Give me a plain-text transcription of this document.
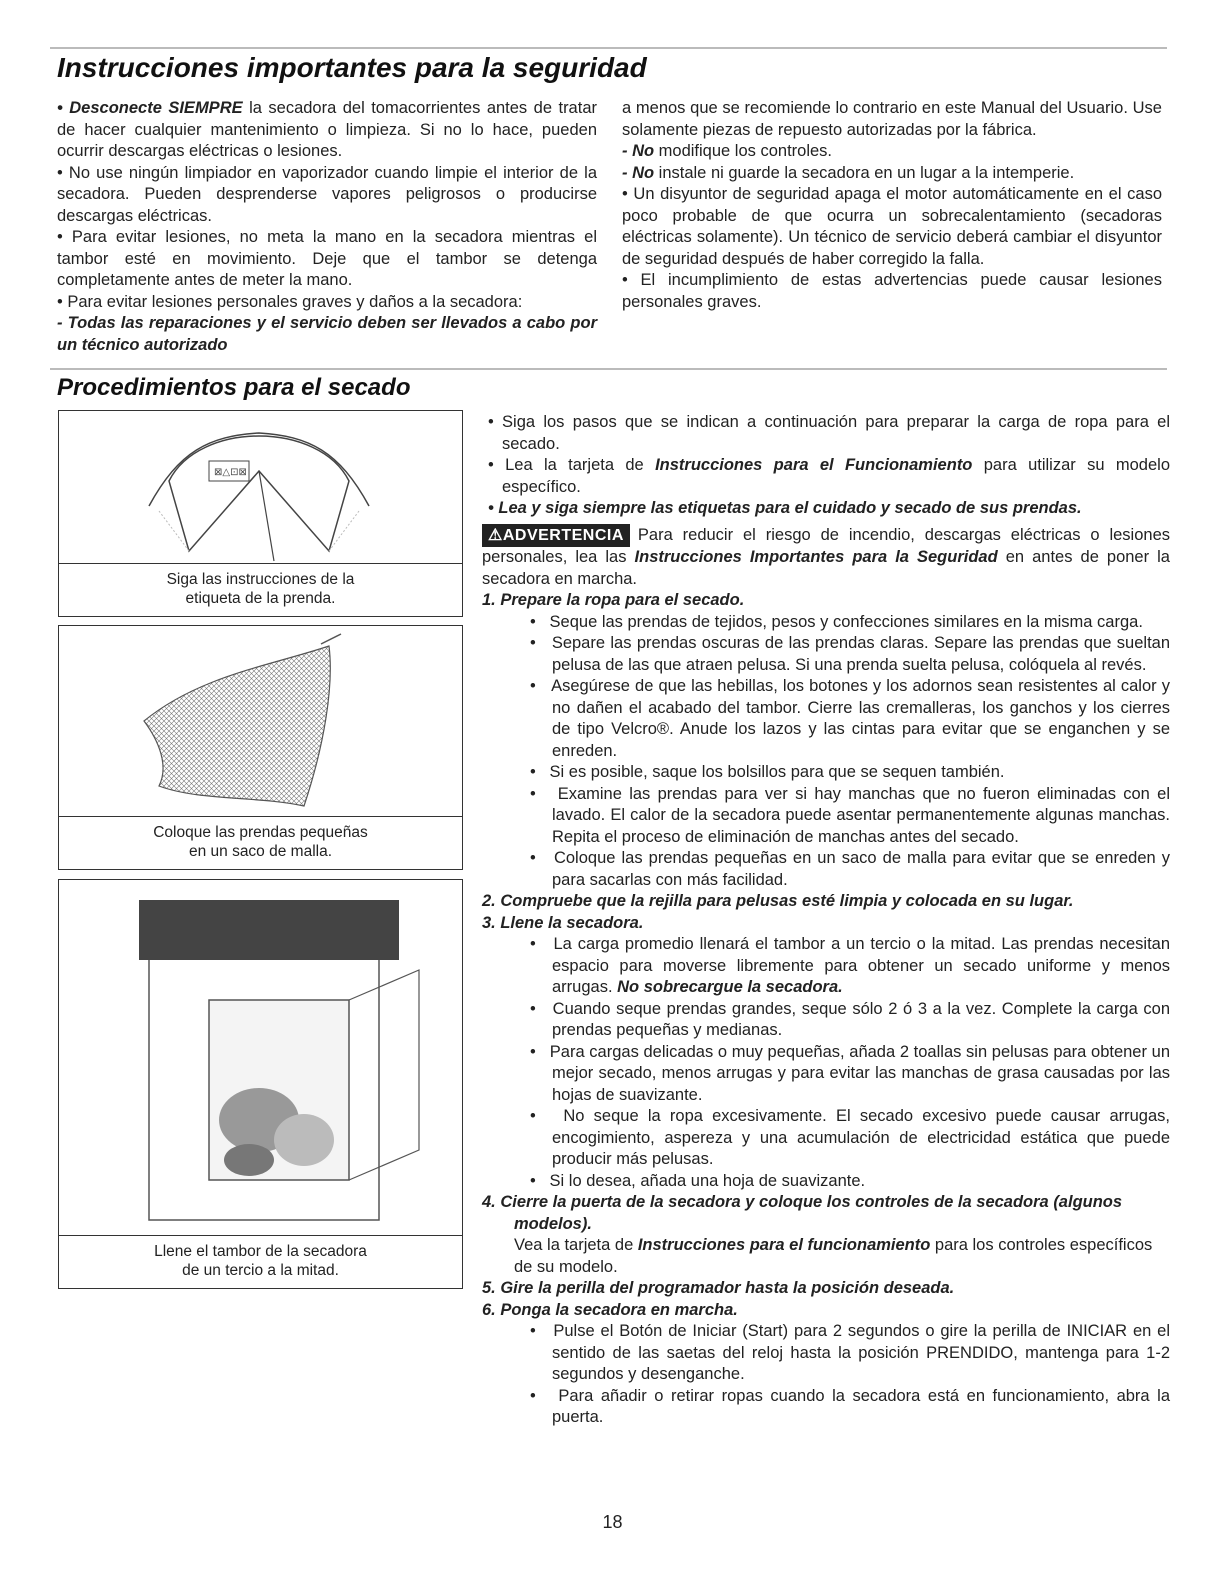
Instrucciones importantes para la seguridad

• Desconecte SIEMPRE la secadora del tomacorrientes antes de tratar de hacer cualquier mantenimiento o limpieza. Si no lo hace, pueden ocurrir descargas eléctricas o lesiones.

• No use ningún limpiador en vaporizador cuando limpie el interior de la secadora. Pueden desprenderse vapores peligrosos o producirse descargas eléctricas.

• Para evitar lesiones, no meta la mano en la secadora mientras el tambor esté en movimiento. Deje que el tambor se detenga completamente antes de meter la mano.

• Para evitar lesiones personales graves y daños a la secadora:

- Todas las reparaciones y el servicio deben ser llevados a cabo por un técnico autorizado

a menos que se recomiende lo contrario en este Manual del Usuario. Use solamente piezas de repuesto autorizadas por la fábrica.

- No modifique los controles.

- No instale ni guarde la secadora en un lugar a la intemperie.

• Un disyuntor de seguridad apaga el motor automáticamente en el caso poco probable de que ocurra un sobrecalentamiento (secadoras eléctricas solamente). Un técnico de servicio deberá cambiar el disyuntor de seguridad después de haber corregido la falla.

• El incumplimiento de estas advertencias puede causar lesiones personales graves.

Procedimientos para el secado
⊠△⊡⊠
Siga las instrucciones de la
etiqueta de la prenda.
Coloque las prendas pequeñas
en un saco de malla.
Llene el tambor de la secadora
de un tercio a la mitad.

• Siga los pasos que se indican a continuación para preparar la carga de ropa para el secado.

• Lea la tarjeta de Instrucciones para el Funcionamiento para utilizar su modelo específico.

• Lea y siga siempre las etiquetas para el cuidado y secado de sus prendas.

⚠ADVERTENCIA Para reducir el riesgo de incendio, descargas eléctricas o lesiones personales, lea las Instrucciones Importantes para la Seguridad en antes de poner la secadora en marcha.

1. Prepare la ropa para el secado.

•   Seque las prendas de tejidos, pesos y confecciones similares en la misma carga.

•   Separe las prendas oscuras de las prendas claras. Separe las prendas que sueltan pelusa de las que atraen pelusa. Si una prenda suelta pelusa, colóquela al revés.

•   Asegúrese de que las hebillas, los botones y los adornos sean resistentes al calor y no dañen el acabado del tambor. Cierre las cremalleras, los ganchos y los cierres de tipo Velcro®. Anude los lazos y las cintas para evitar que se enganchen y se enreden.

•   Si es posible, saque los bolsillos para que se sequen también.

•   Examine las prendas para ver si hay manchas que no fueron eliminadas con el lavado. El calor de la secadora puede asentar permanentemente algunas manchas. Repita el proceso de eliminación de manchas antes del secado.

•   Coloque las prendas pequeñas en un saco de malla para evitar que se enreden y para sacarlas con más facilidad.

2. Compruebe que la rejilla para pelusas esté limpia y colocada en su lugar.

3. Llene la secadora.

•   La carga promedio llenará el tambor a un tercio o la mitad. Las prendas necesitan espacio para moverse libremente para obtener un secado uniforme y menos arrugas. No sobrecargue la secadora.

•   Cuando seque prendas grandes, seque sólo 2 ó 3 a la vez. Complete la carga con prendas pequeñas y medianas.

•   Para cargas delicadas o muy pequeñas, añada 2 toallas sin pelusas para obtener un mejor secado, menos arrugas y para evitar las manchas de grasa causadas por las hojas de suavizante.

•   No seque la ropa excesivamente. El secado excesivo puede causar arrugas, encogimiento, aspereza y una acumulación de electricidad estática que puede producir más pelusas.

•   Si lo desea, añada una hoja de suavizante.

4. Cierre la puerta de la secadora y coloque los controles de la secadora (algunos modelos).

Vea la tarjeta de Instrucciones para el funcionamiento para los controles específicos de su modelo.

5. Gire la perilla del programador hasta la posición deseada.

6. Ponga la secadora en marcha.

•   Pulse el Botón de Iniciar (Start) para 2 segundos o gire la perilla de INICIAR en el sentido de las saetas del reloj hasta la posición PRENDIDO, mantenga para 1-2 segundos y desenganche.

•   Para añadir o retirar ropas cuando la secadora está en funcionamiento, abra la puerta.

18
